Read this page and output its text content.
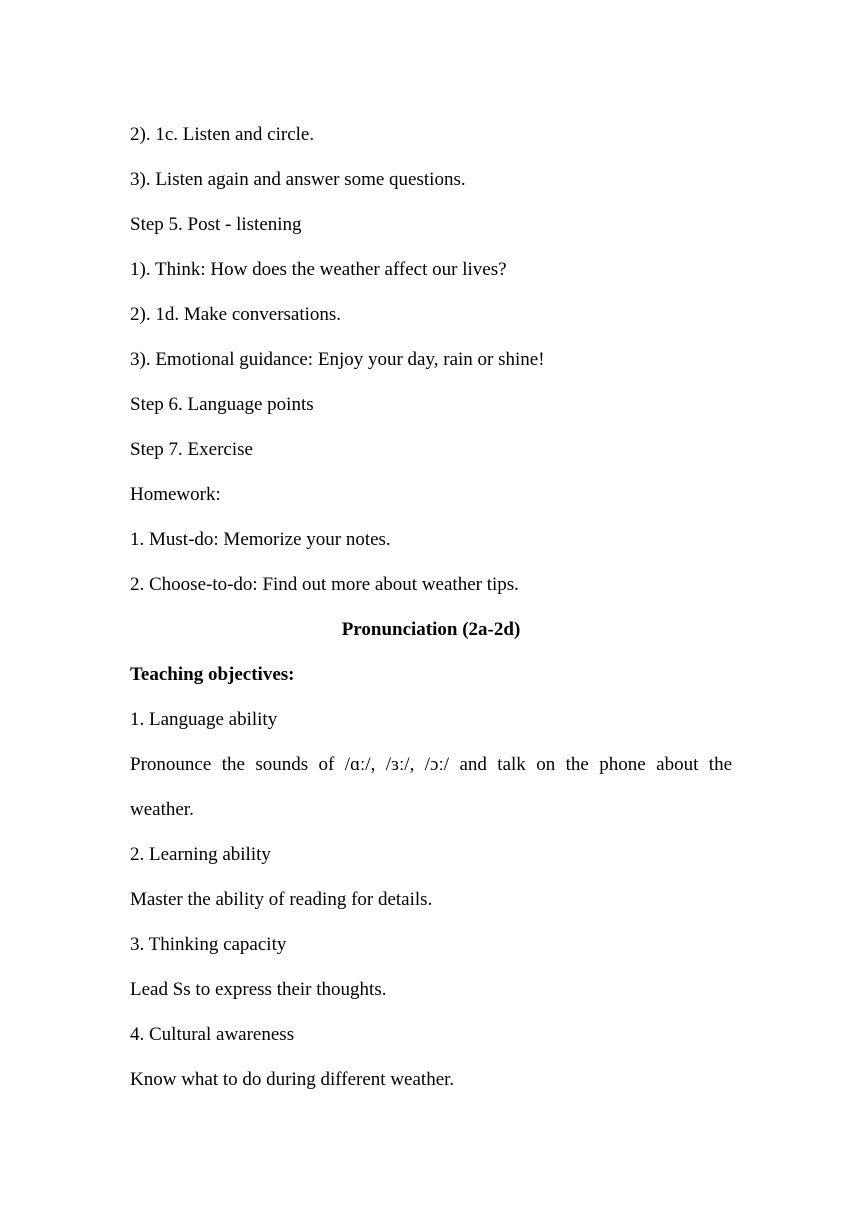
2). 1c. Listen and circle.

3). Listen again and answer some questions.

Step 5. Post - listening

1). Think: How does the weather affect our lives?

2). 1d. Make conversations.

3). Emotional guidance: Enjoy your day, rain or shine!

Step 6. Language points

Step 7. Exercise

Homework:

1. Must-do: Memorize your notes.

2. Choose-to-do: Find out more about weather tips.

Pronunciation (2a-2d)

Teaching objectives:

1. Language ability

Pronounce the sounds of /ɑː/, /ɜː/, /ɔː/ and talk on the phone about the

weather.

2. Learning ability

Master the ability of reading for details.

3. Thinking capacity

Lead Ss to express their thoughts.

4. Cultural awareness

Know what to do during different weather.
